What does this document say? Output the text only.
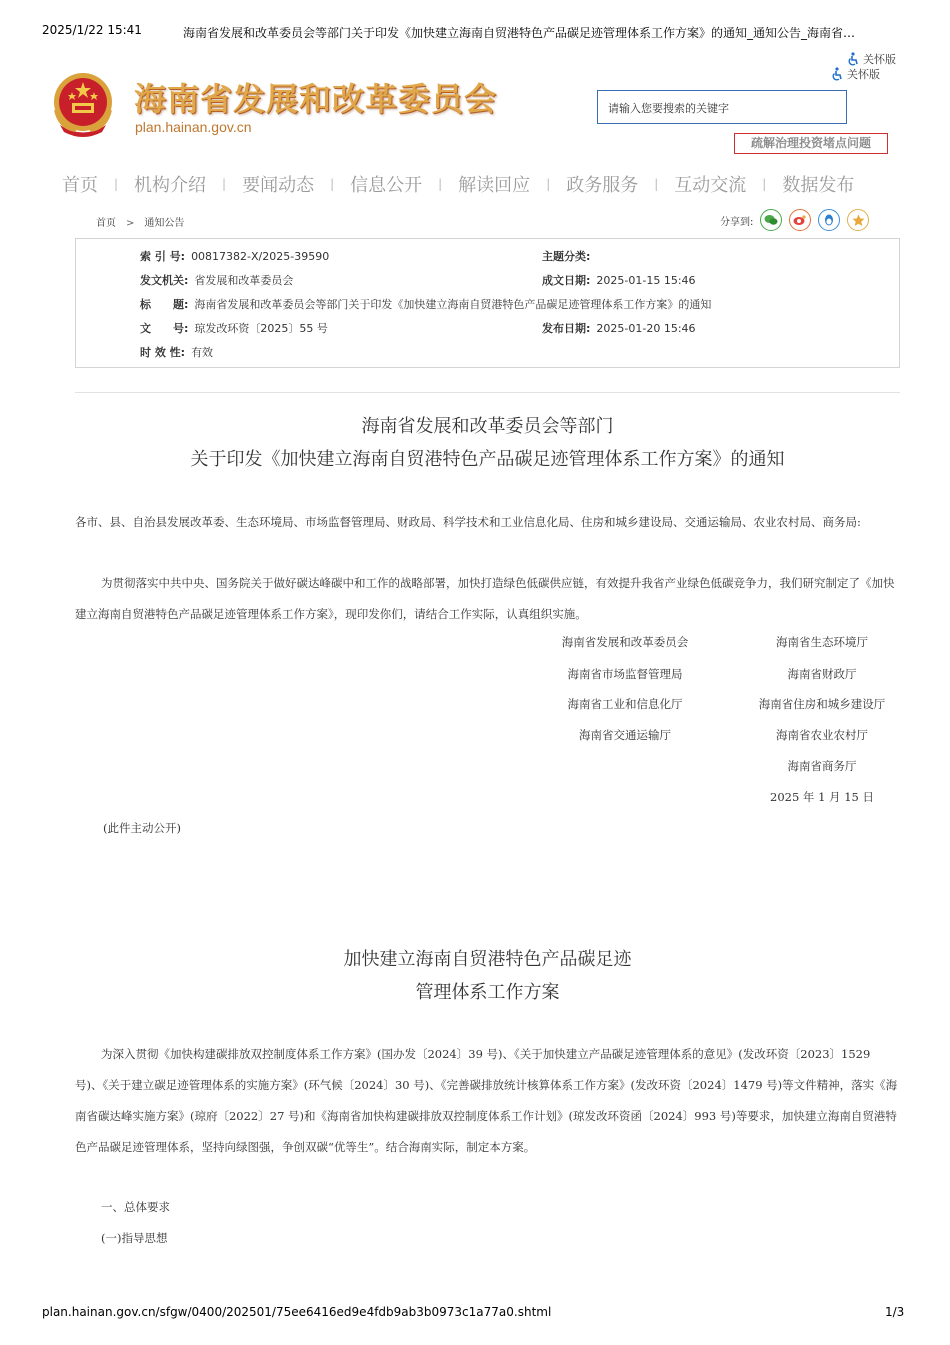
2025/1/22 15:41	海南省发展和改革委员会等部门关于印发《加快建立海南自贸港特色产品碳足迹管理体系工作方案》的通知_通知公告_海南省…
plan.hainan.gov.cn/sfgw/0400/202501/75ee6416ed9e4fdb9ab3b0973c1a77a0.shtml	1/3
海南省发展和改革委员会
plan.hainan.gov.cn
关怀版
关怀版
请输入您要搜索的关键字
疏解治理投资堵点问题
首页 | 机构介绍 | 要闻动态 | 信息公开 | 解读回应 | 政务服务 | 互动交流 | 数据发布
首页 > 通知公告	分享到:
索 引 号: 00817382-X/2025-39590	主题分类:
发文机关: 省发展和改革委员会	成文日期: 2025-01-15 15:46
标　　题: 海南省发展和改革委员会等部门关于印发《加快建立海南自贸港特色产品碳足迹管理体系工作方案》的通知
文　　号: 琼发改环资〔2025〕55 号	发布日期: 2025-01-20 15:46
时 效 性: 有效
海南省发展和改革委员会等部门
关于印发《加快建立海南自贸港特色产品碳足迹管理体系工作方案》的通知
各市、县、自治县发展改革委、生态环境局、市场监督管理局、财政局、科学技术和工业信息化局、住房和城乡建设局、交通运输局、农业农村局、商务局:
为贯彻落实中共中央、国务院关于做好碳达峰碳中和工作的战略部署，加快打造绿色低碳供应链，有效提升我省产业绿色低碳竞争力，我们研究制定了《加快建立海南自贸港特色产品碳足迹管理体系工作方案》，现印发你们，请结合工作实际，认真组织实施。
海南省发展和改革委员会	海南省生态环境厅
海南省市场监督管理局	海南省财政厅
海南省工业和信息化厅	海南省住房和城乡建设厅
海南省交通运输厅	海南省农业农村厅
海南省商务厅
2025 年 1 月 15 日
(此件主动公开)
加快建立海南自贸港特色产品碳足迹
管理体系工作方案
为深入贯彻《加快构建碳排放双控制度体系工作方案》(国办发〔2024〕39 号)、《关于加快建立产品碳足迹管理体系的意见》(发改环资〔2023〕1529 号)、《关于建立碳足迹管理体系的实施方案》(环气候〔2024〕30 号)、《完善碳排放统计核算体系工作方案》(发改环资〔2024〕1479 号)等文件精神，落实《海南省碳达峰实施方案》(琼府〔2022〕27 号)和《海南省加快构建碳排放双控制度体系工作计划》(琼发改环资函〔2024〕993 号)等要求，加快建立海南自贸港特色产品碳足迹管理体系，坚持向绿图强，争创双碳“优等生”。结合海南实际，制定本方案。
一、总体要求
(一)指导思想
